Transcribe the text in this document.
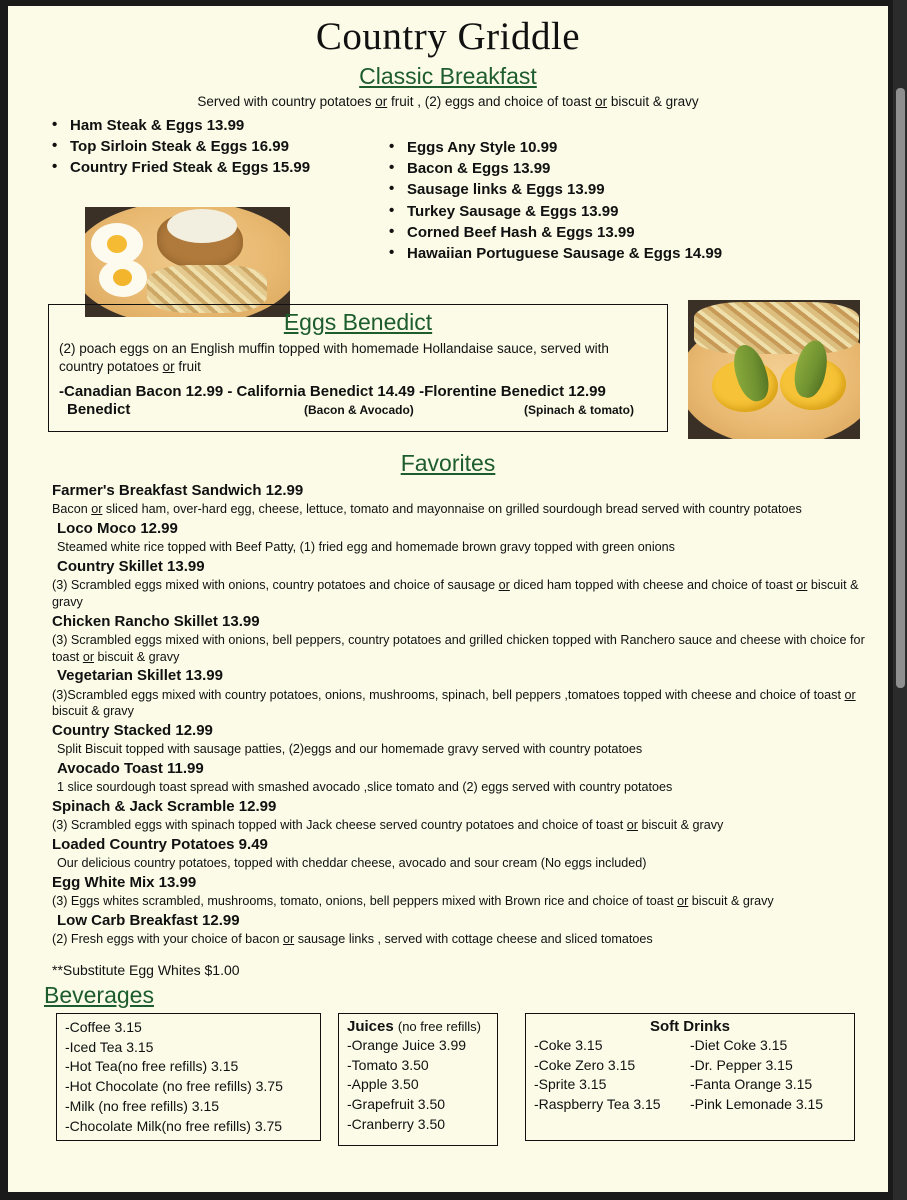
Country Griddle
Classic Breakfast
Served with country potatoes or fruit , (2) eggs and choice of toast or biscuit & gravy
• Ham Steak & Eggs 13.99
• Top Sirloin Steak & Eggs 16.99
• Country Fried Steak & Eggs 15.99
• Eggs Any Style 10.99
• Bacon & Eggs 13.99
• Sausage links & Eggs 13.99
• Turkey Sausage & Eggs 13.99
• Corned Beef Hash & Eggs 13.99
• Hawaiian Portuguese Sausage & Eggs 14.99
Eggs Benedict
(2) poach eggs on an English muffin topped with homemade Hollandaise sauce, served with
country potatoes or fruit
-Canadian Bacon 12.99 - California Benedict 14.49 -Florentine Benedict 12.99
Benedict	(Bacon & Avocado)	(Spinach & tomato)
Favorites
Farmer's Breakfast Sandwich 12.99
Bacon or sliced ham, over-hard egg, cheese, lettuce, tomato and mayonnaise on grilled sourdough bread served with country potatoes
Loco Moco 12.99
Steamed white rice topped with Beef Patty, (1) fried egg and homemade brown gravy topped with green onions
Country Skillet 13.99
(3) Scrambled eggs mixed with onions, country potatoes and choice of sausage or diced ham topped with cheese and choice of toast or biscuit & gravy
Chicken Rancho Skillet 13.99
(3) Scrambled eggs mixed with onions, bell peppers, country potatoes and grilled chicken topped with Ranchero sauce and cheese with choice for toast or biscuit & gravy
Vegetarian Skillet 13.99
(3)Scrambled eggs mixed with country potatoes, onions, mushrooms, spinach, bell peppers ,tomatoes topped with cheese and choice of toast or biscuit & gravy
Country Stacked 12.99
Split Biscuit topped with sausage patties, (2)eggs and our homemade gravy served with country potatoes
Avocado Toast 11.99
1 slice sourdough toast spread with smashed avocado ,slice tomato and (2) eggs served with country potatoes
Spinach & Jack Scramble 12.99
(3) Scrambled eggs with spinach topped with Jack cheese served country potatoes and choice of toast or biscuit & gravy
Loaded Country Potatoes 9.49
Our delicious country potatoes, topped with cheddar cheese, avocado and sour cream (No eggs included)
Egg White Mix 13.99
(3) Eggs whites scrambled, mushrooms, tomato, onions, bell peppers mixed with Brown rice and choice of toast or biscuit & gravy
Low Carb Breakfast 12.99
(2) Fresh eggs with your choice of bacon or sausage links , served with cottage cheese and sliced tomatoes
**Substitute Egg Whites $1.00
Beverages
-Coffee 3.15
-Iced Tea 3.15
-Hot Tea(no free refills) 3.15
-Hot Chocolate (no free refills) 3.75
-Milk (no free refills) 3.15
-Chocolate Milk(no free refills) 3.75
Juices (no free refills)
-Orange Juice 3.99
-Tomato 3.50
-Apple 3.50
-Grapefruit 3.50
-Cranberry 3.50
Soft Drinks
-Coke 3.15
-Coke Zero 3.15
-Sprite 3.15
-Raspberry Tea 3.15
-Diet Coke 3.15
-Dr. Pepper 3.15
-Fanta Orange 3.15
-Pink Lemonade 3.15
